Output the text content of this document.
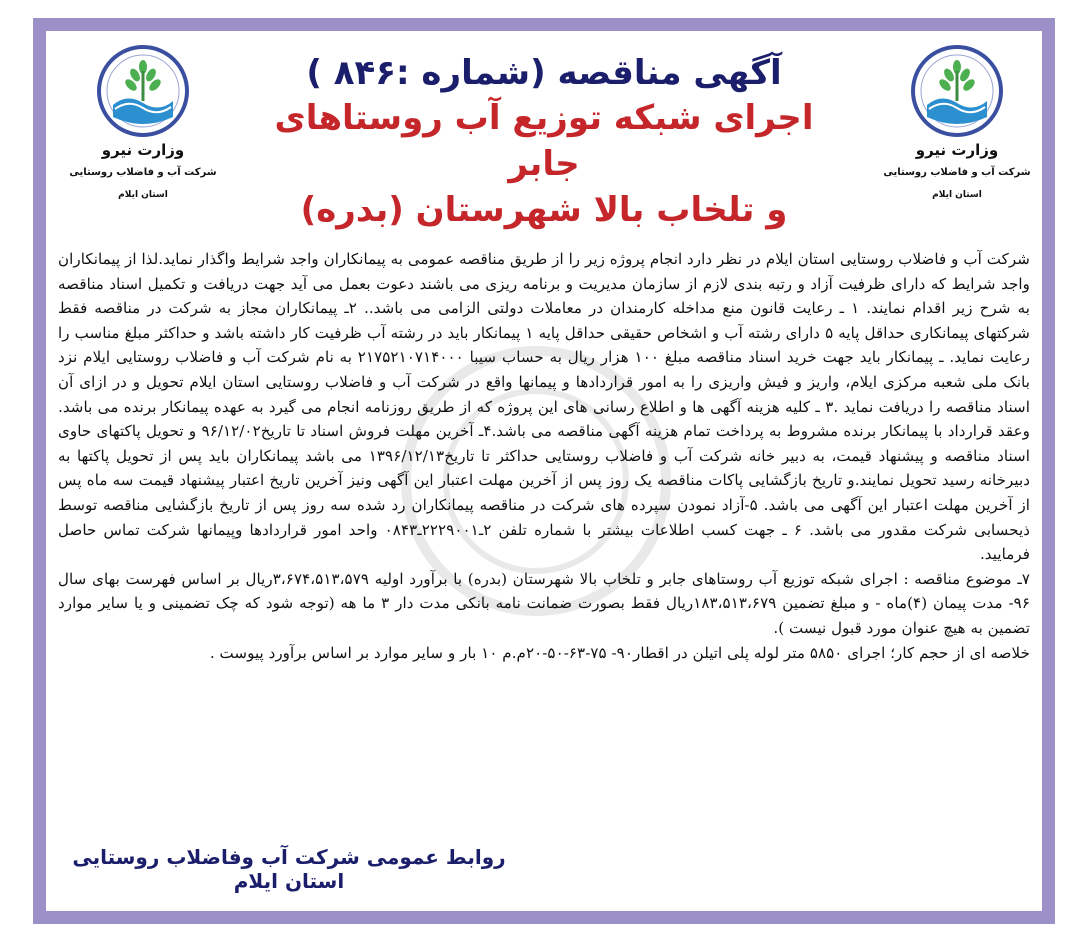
وزارت نیرو
شرکت آب و فاضلاب روستایی
استان ایلام
آگهی مناقصه (شماره :۸۴۶ )
اجرای شبکه توزیع آب روستاهای جابر
و تلخاب بالا شهرستان (بدره)
وزارت نیرو
شرکت آب و فاضلاب روستایی
استان ایلام

شرکت آب و فاضلاب روستایی استان ایلام در نظر دارد انجام پروژه زیر را از طریق مناقصه عمومی به پیمانکاران واجد شرایط واگذار نماید.لذا از پیمانکاران واجد شرایط که دارای ظرفیت آزاد و رتبه بندی لازم از سازمان مدیریت و برنامه ریزی می باشند دعوت بعمل می آید جهت دریافت و تکمیل اسناد مناقصه به شرح زیر اقدام نمایند. ۱ ـ رعایت قانون منع مداخله کارمندان در معاملات دولتی الزامی می باشد.. ۲ـ پیمانکاران مجاز به شرکت در مناقصه فقط شرکتهای پیمانکاری حداقل پایه ۵ دارای رشته آب و اشخاص حقیقی حداقل پایه ۱ پیمانکار باید در رشته آب ظرفیت کار داشته باشد و حداکثر مبلغ مناسب را رعایت نماید. ـ پیمانکار باید جهت خرید اسناد مناقصه مبلغ ۱۰۰ هزار ریال به حساب سیبا ۲۱۷۵۲۱۰۷۱۴۰۰۰ به نام شرکت آب و فاضلاب روستایی ایلام نزد بانک ملی شعبه مرکزی ایلام، واریز و فیش واریزی را به امور قراردادها و پیمانها واقع در شرکت آب و فاضلاب روستایی استان ایلام تحویل و در ازای آن اسناد مناقصه را دریافت نماید .۳ ـ کلیه هزینه آگهی ها و اطلاع رسانی های این پروژه که از طریق روزنامه انجام می گیرد به عهده پیمانکار برنده می باشد. وعقد قرارداد با پیمانکار برنده مشروط به پرداخت تمام هزینه آگهی مناقصه می باشد.۴ـ آخرین مهلت فروش اسناد تا تاریخ۹۶/۱۲/۰۲ و تحویل پاکتهای حاوی اسناد مناقصه و پیشنهاد قیمت، به دبیر خانه شرکت آب و فاضلاب روستایی حداکثر تا تاریخ۱۳۹۶/۱۲/۱۳ می باشد پیمانکاران باید پس از تحویل پاکتها به دبیرخانه رسید تحویل نمایند.و تاریخ بازگشایی پاکات مناقصه یک روز پس از آخرین مهلت اعتبار این آگهی ونیز آخرین تاریخ اعتبار پیشنهاد قیمت سه ماه پس از آخرین مهلت اعتبار این آگهی می باشد. ۵-آزاد نمودن سپرده های شرکت در مناقصه پیمانکاران رد شده سه روز پس از تاریخ بازگشایی مناقصه توسط ذیحسابی شرکت مقدور می باشد. ۶ ـ جهت کسب اطلاعات بیشتر با شماره تلفن ۲ـ۲۲۲۹۰۰۱ـ۰۸۴۳ واحد امور قراردادها وپیمانها شرکت تماس حاصل فرمایید.

۷ـ موضوع مناقصه : اجرای شبکه توزیع آب روستاهای جابر و تلخاب بالا شهرستان (بدره) با برآورد اولیه ۳،۶۷۴،۵۱۳،۵۷۹ریال بر اساس فهرست بهای سال ۹۶- مدت پیمان (۴)ماه - و مبلغ تضمین ۱۸۳،۵۱۳،۶۷۹ریال فقط بصورت ضمانت نامه بانکی مدت دار ۳ ما هه (توجه شود که چک تضمینی و یا سایر موارد تضمین به هیچ عنوان مورد قبول نیست ).

خلاصه ای از حجم کار؛ اجرای ۵۸۵۰ متر لوله پلی اتیلن در اقطار۹۰- ۷۵-۶۳-۵۰-۲۰م.م ۱۰ بار و سایر موارد بر اساس برآورد پیوست .

روابط عمومی شرکت آب وفاضلاب روستایی استان ایلام
